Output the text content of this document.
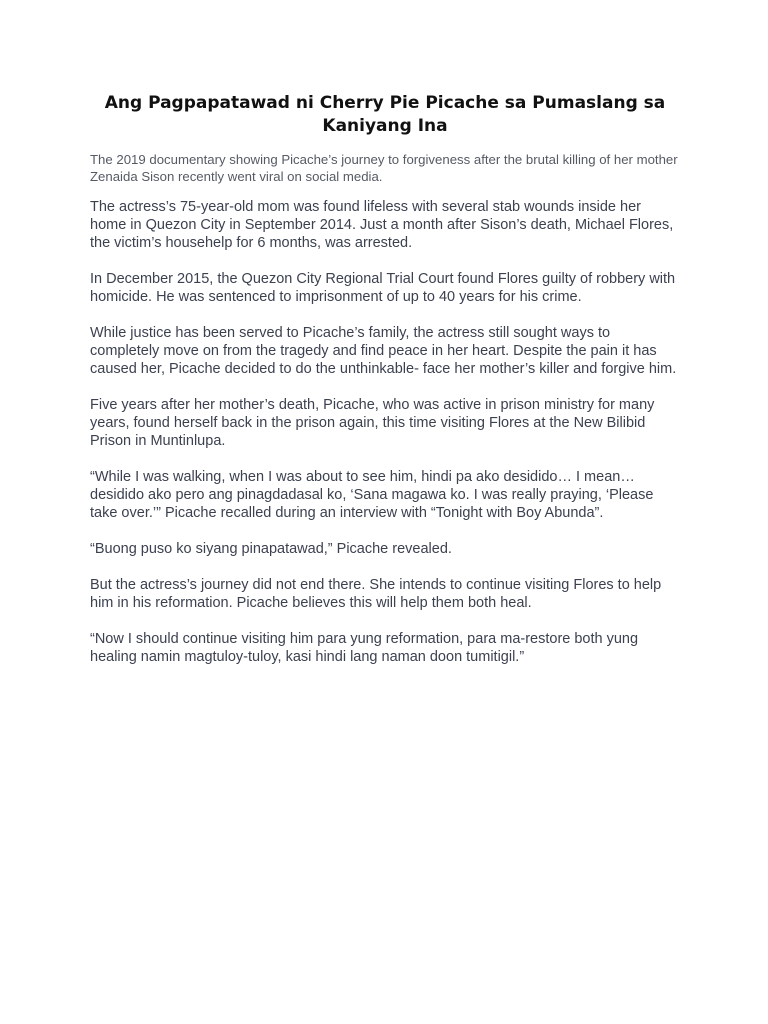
Ang Pagpapatawad ni Cherry Pie Picache sa Pumaslang sa Kaniyang Ina

The 2019 documentary showing Picache’s journey to forgiveness after the brutal killing of her mother Zenaida Sison recently went viral on social media.

The actress’s 75-year-old mom was found lifeless with several stab wounds inside her home in Quezon City in September 2014. Just a month after Sison’s death, Michael Flores, the victim’s househelp for 6 months, was arrested.

In December 2015, the Quezon City Regional Trial Court found Flores guilty of robbery with homicide. He was sentenced to imprisonment of up to 40 years for his crime.

While justice has been served to Picache’s family, the actress still sought ways to completely move on from the tragedy and find peace in her heart. Despite the pain it has caused her, Picache decided to do the unthinkable- face her mother’s killer and forgive him.

Five years after her mother’s death, Picache, who was active in prison ministry for many years, found herself back in the prison again, this time visiting Flores at the New Bilibid Prison in Muntinlupa.

“While I was walking, when I was about to see him, hindi pa ako desidido… I mean… desidido ako pero ang pinagdadasal ko, ‘Sana magawa ko. I was really praying, ‘Please take over.’” Picache recalled during an interview with “Tonight with Boy Abunda”.

“Buong puso ko siyang pinapatawad,” Picache revealed.

But the actress’s journey did not end there. She intends to continue visiting Flores to help him in his reformation. Picache believes this will help them both heal.

“Now I should continue visiting him para yung reformation, para ma-restore both yung healing namin magtuloy-tuloy, kasi hindi lang naman doon tumitigil.”
